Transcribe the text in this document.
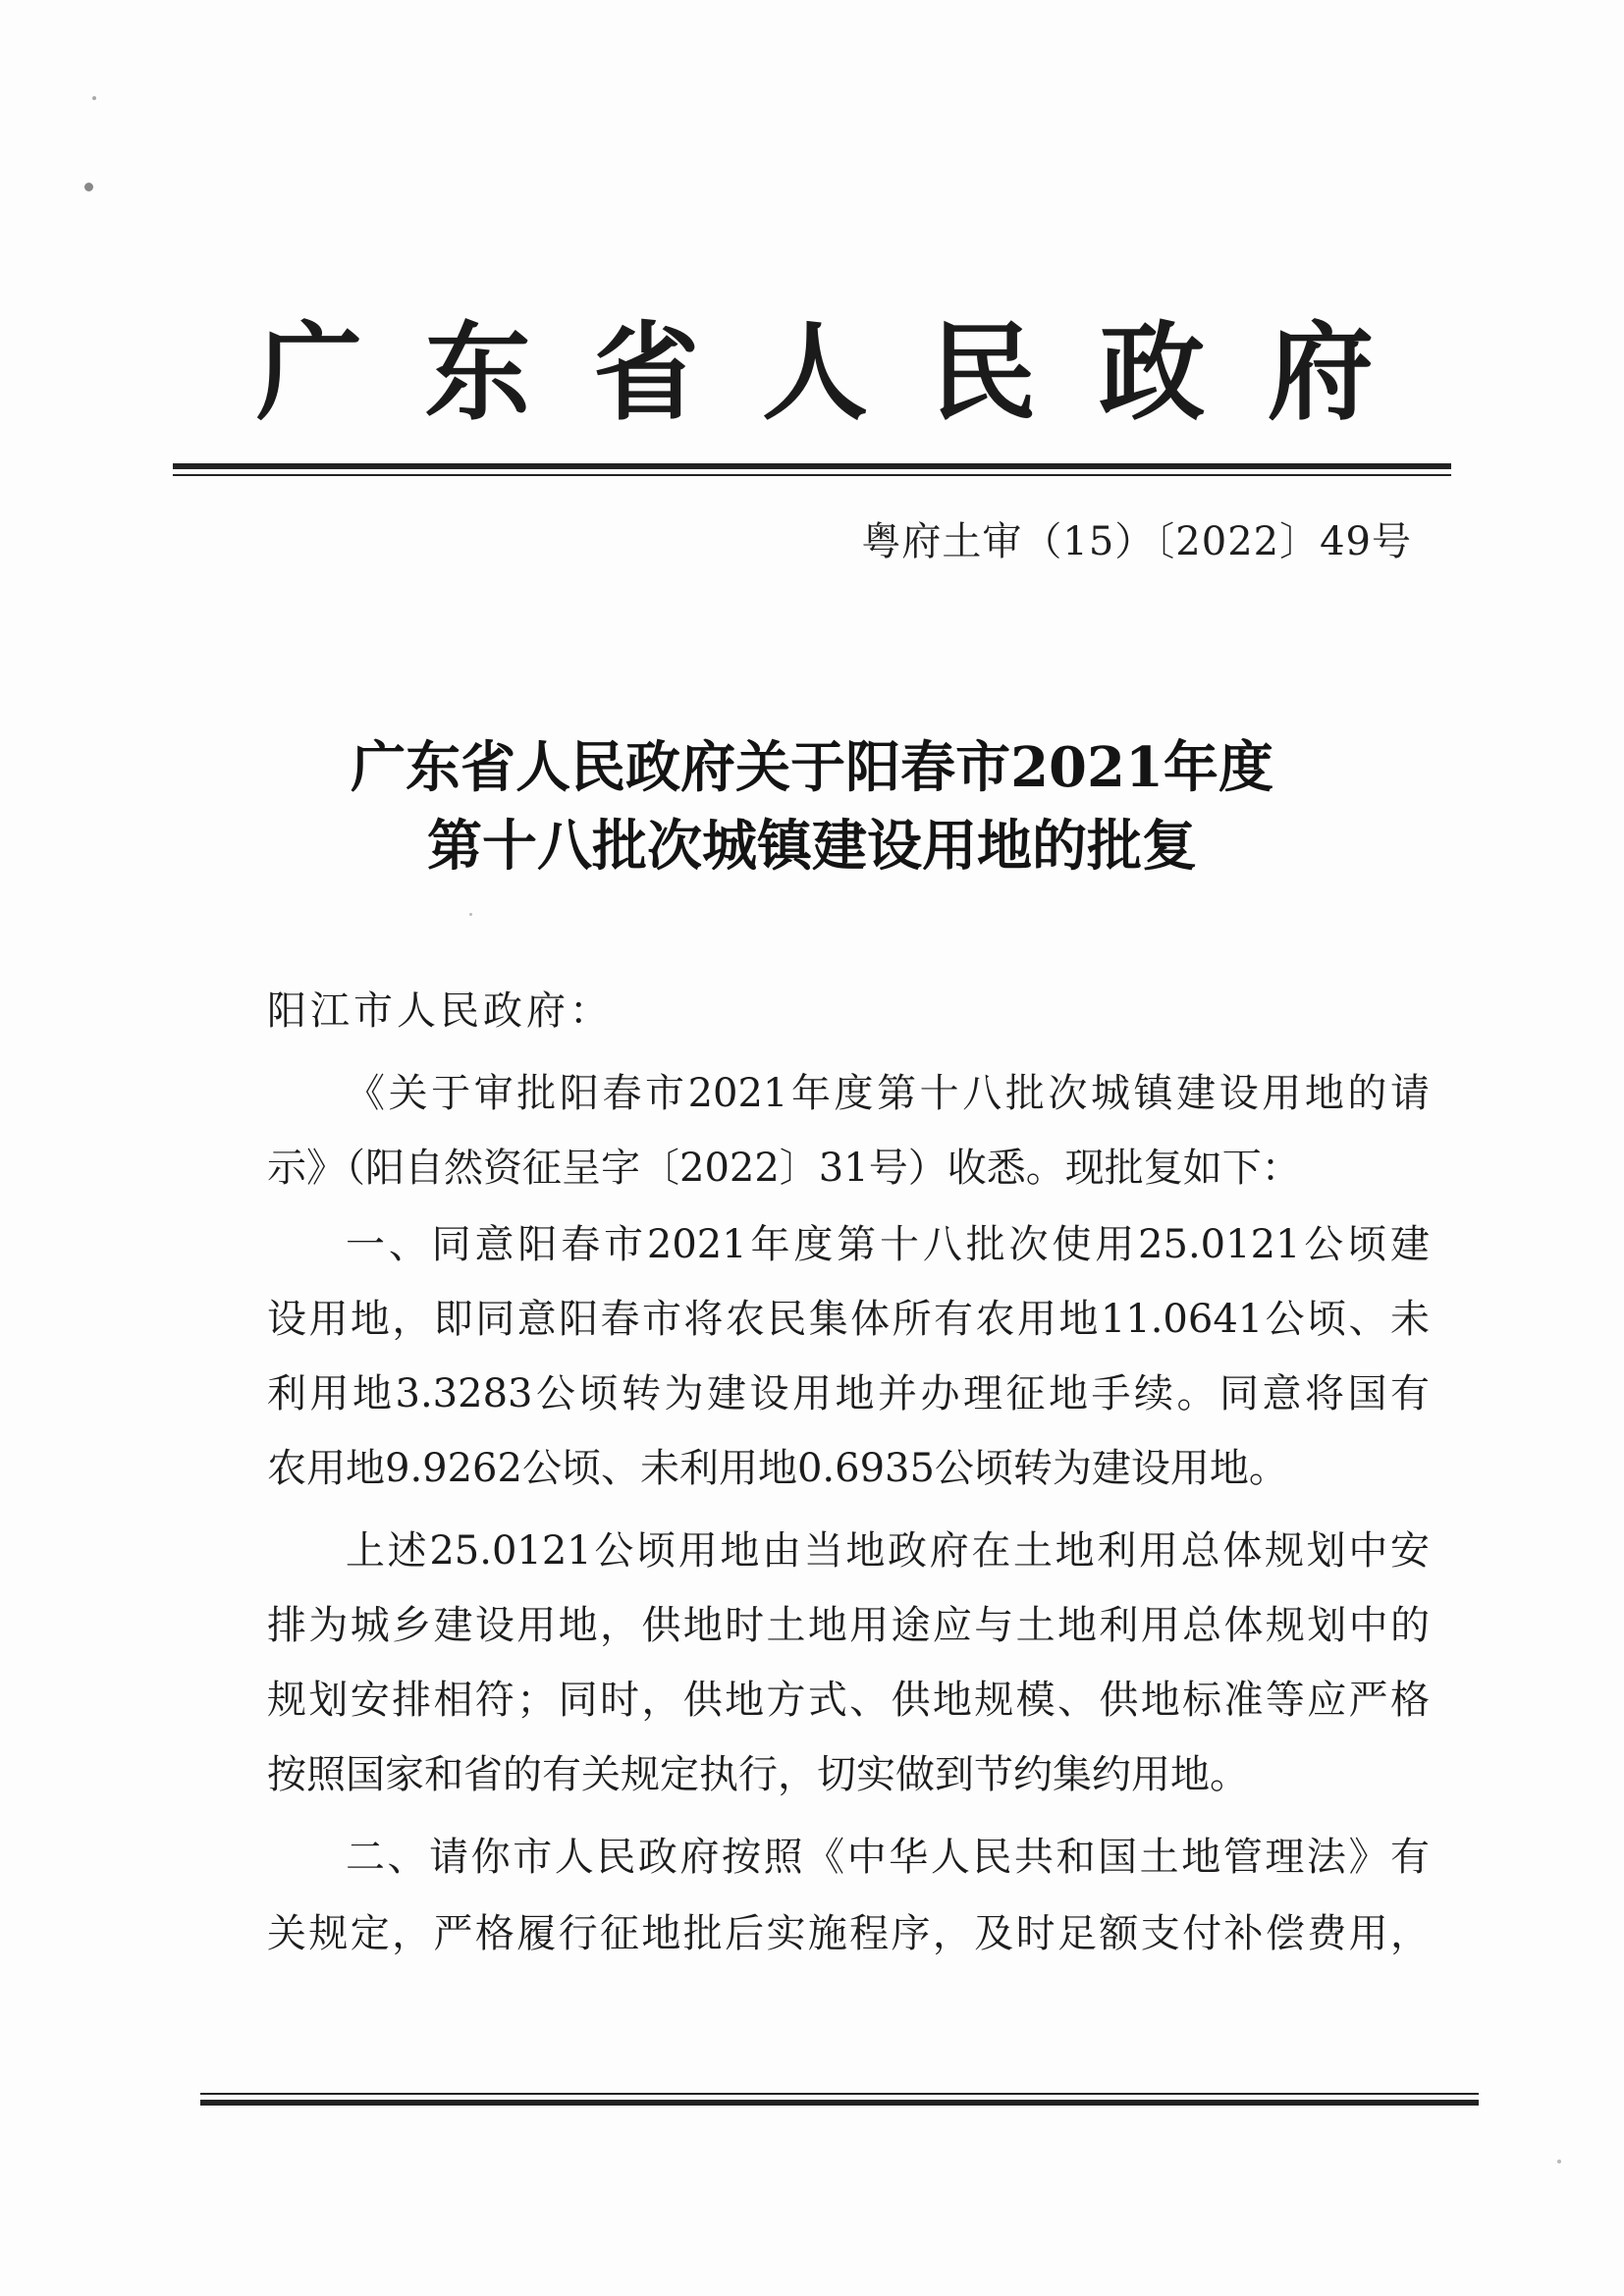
广 东 省 人 民 政 府
粤府土审（15）〔2022〕49号
广东省人民政府关于阳春市2021年度
第十八批次城镇建设用地的批复
阳江市人民政府：
《关于审批阳春市2021年度第十八批次城镇建设用地的请
示》（阳自然资征呈字〔2022〕31号）收悉。现批复如下：
一、同意阳春市2021年度第十八批次使用25.0121公顷建
设用地，即同意阳春市将农民集体所有农用地11.0641公顷、未
利用地3.3283公顷转为建设用地并办理征地手续。同意将国有
农用地9.9262公顷、未利用地0.6935公顷转为建设用地。
上述25.0121公顷用地由当地政府在土地利用总体规划中安
排为城乡建设用地，供地时土地用途应与土地利用总体规划中的
规划安排相符；同时，供地方式、供地规模、供地标准等应严格
按照国家和省的有关规定执行，切实做到节约集约用地。
二、请你市人民政府按照《中华人民共和国土地管理法》有
关规定，严格履行征地批后实施程序，及时足额支付补偿费用，
